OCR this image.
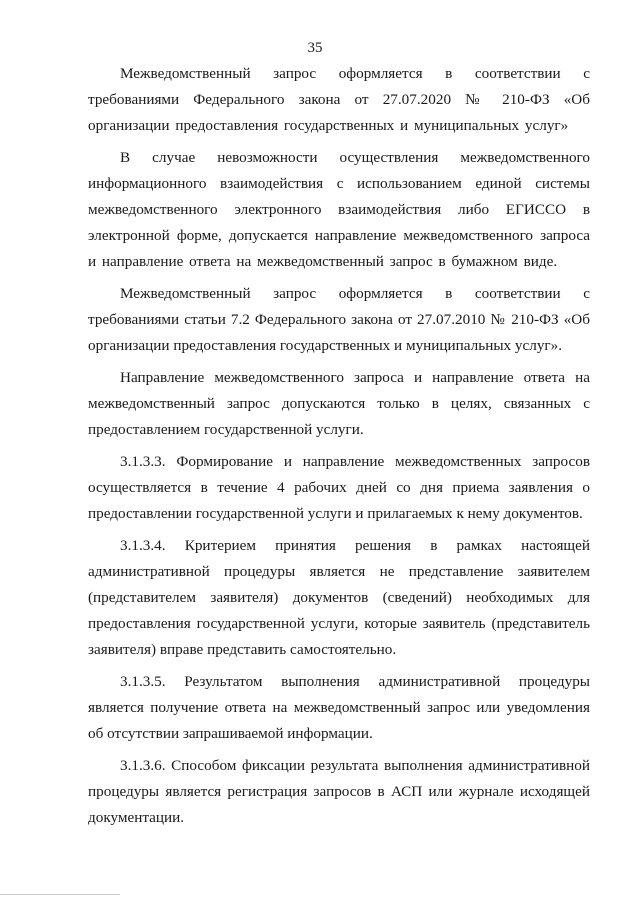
35

Межведомственный запрос оформляется в соответствии с требованиями Федерального закона от 27.07.2020 № 210-ФЗ «Об организации предоставления государственных и муниципальных услуг»

В случае невозможности осуществления межведомственного информационного взаимодействия с использованием единой системы межведомственного электронного взаимодействия либо ЕГИССО в электронной форме, допускается направление межведомственного запроса и направление ответа на межведомственный запрос в бумажном виде.

Межведомственный запрос оформляется в соответствии с требованиями статьи 7.2 Федерального закона от 27.07.2010 № 210-ФЗ «Об организации предоставления государственных и муниципальных услуг».

Направление межведомственного запроса и направление ответа на межведомственный запрос допускаются только в целях, связанных с предоставлением государственной услуги.

3.1.3.3. Формирование и направление межведомственных запросов осуществляется в течение 4 рабочих дней со дня приема заявления о предоставлении государственной услуги и прилагаемых к нему документов.

3.1.3.4. Критерием принятия решения в рамках настоящей административной процедуры является не представление заявителем (представителем заявителя) документов (сведений) необходимых для предоставления государственной услуги, которые заявитель (представитель заявителя) вправе представить самостоятельно.

3.1.3.5. Результатом выполнения административной процедуры является получение ответа на межведомственный запрос или уведомления об отсутствии запрашиваемой информации.

3.1.3.6. Способом фиксации результата выполнения административной процедуры является регистрация запросов в АСП или журнале исходящей документации.
